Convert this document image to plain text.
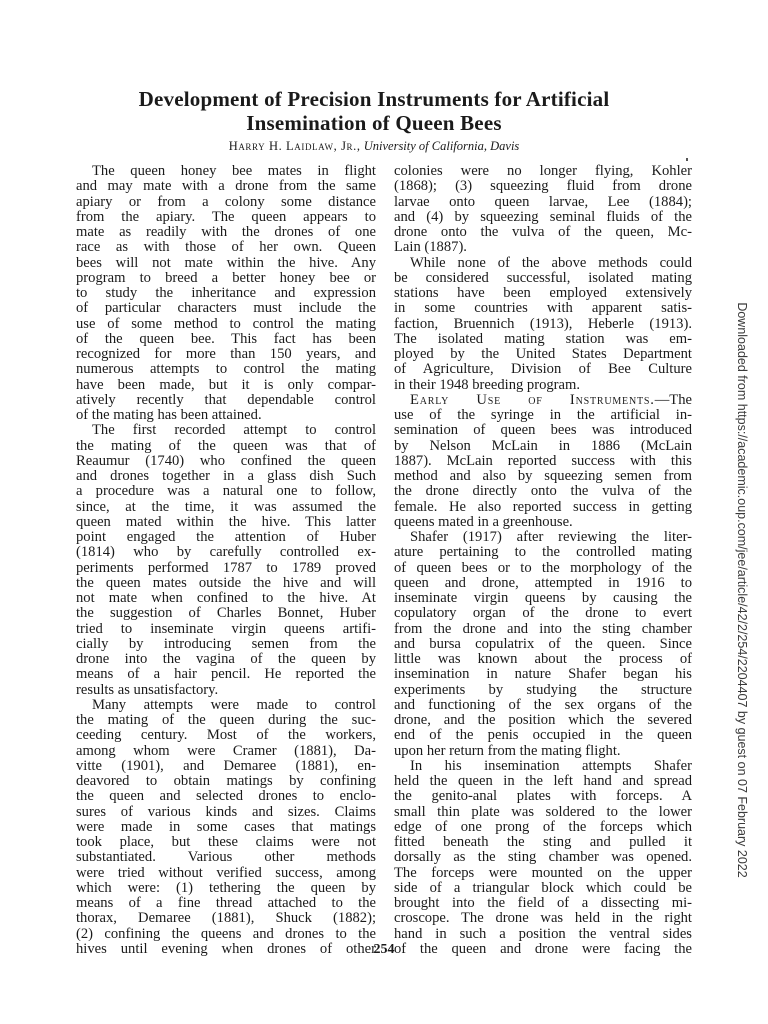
Development of Precision Instruments for Artificial
Insemination of Queen Bees
Harry H. Laidlaw, Jr., University of California, Davis
The queen honey bee mates in flight
and may mate with a drone from the same
apiary or from a colony some distance
from the apiary. The queen appears to
mate as readily with the drones of one
race as with those of her own. Queen
bees will not mate within the hive. Any
program to breed a better honey bee or
to study the inheritance and expression
of particular characters must include the
use of some method to control the mating
of the queen bee. This fact has been
recognized for more than 150 years, and
numerous attempts to control the mating
have been made, but it is only compar-
atively recently that dependable control
of the mating has been attained.
The first recorded attempt to control
the mating of the queen was that of
Reaumur (1740) who confined the queen
and drones together in a glass dish Such
a procedure was a natural one to follow,
since, at the time, it was assumed the
queen mated within the hive. This latter
point engaged the attention of Huber
(1814) who by carefully controlled ex-
periments performed 1787 to 1789 proved
the queen mates outside the hive and will
not mate when confined to the hive. At
the suggestion of Charles Bonnet, Huber
tried to inseminate virgin queens artifi-
cially by introducing semen from the
drone into the vagina of the queen by
means of a hair pencil. He reported the
results as unsatisfactory.
Many attempts were made to control
the mating of the queen during the suc-
ceeding century. Most of the workers,
among whom were Cramer (1881), Da-
vitte (1901), and Demaree (1881), en-
deavored to obtain matings by confining
the queen and selected drones to enclo-
sures of various kinds and sizes. Claims
were made in some cases that matings
took place, but these claims were not
substantiated. Various other methods
were tried without verified success, among
which were: (1) tethering the queen by
means of a fine thread attached to the
thorax, Demaree (1881), Shuck (1882);
(2) confining the queens and drones to the
hives until evening when drones of other
colonies were no longer flying, Kohler
(1868); (3) squeezing fluid from drone
larvae onto queen larvae, Lee (1884);
and (4) by squeezing seminal fluids of the
drone onto the vulva of the queen, Mc-
Lain (1887).
While none of the above methods could
be considered successful, isolated mating
stations have been employed extensively
in some countries with apparent satis-
faction, Bruennich (1913), Heberle (1913).
The isolated mating station was em-
ployed by the United States Department
of Agriculture, Division of Bee Culture
in their 1948 breeding program.
Early Use of Instruments.—The
use of the syringe in the artificial in-
semination of queen bees was introduced
by Nelson McLain in 1886 (McLain
1887). McLain reported success with this
method and also by squeezing semen from
the drone directly onto the vulva of the
female. He also reported success in getting
queens mated in a greenhouse.
Shafer (1917) after reviewing the liter-
ature pertaining to the controlled mating
of queen bees or to the morphology of the
queen and drone, attempted in 1916 to
inseminate virgin queens by causing the
copulatory organ of the drone to evert
from the drone and into the sting chamber
and bursa copulatrix of the queen. Since
little was known about the process of
insemination in nature Shafer began his
experiments by studying the structure
and functioning of the sex organs of the
drone, and the position which the severed
end of the penis occupied in the queen
upon her return from the mating flight.
In his insemination attempts Shafer
held the queen in the left hand and spread
the genito-anal plates with forceps. A
small thin plate was soldered to the lower
edge of one prong of the forceps which
fitted beneath the sting and pulled it
dorsally as the sting chamber was opened.
The forceps were mounted on the upper
side of a triangular block which could be
brought into the field of a dissecting mi-
croscope. The drone was held in the right
hand in such a position the ventral sides
of the queen and drone were facing the
254
Downloaded from https://academic.oup.com/jee/article/42/2/254/2204407 by guest on 07 February 2022
